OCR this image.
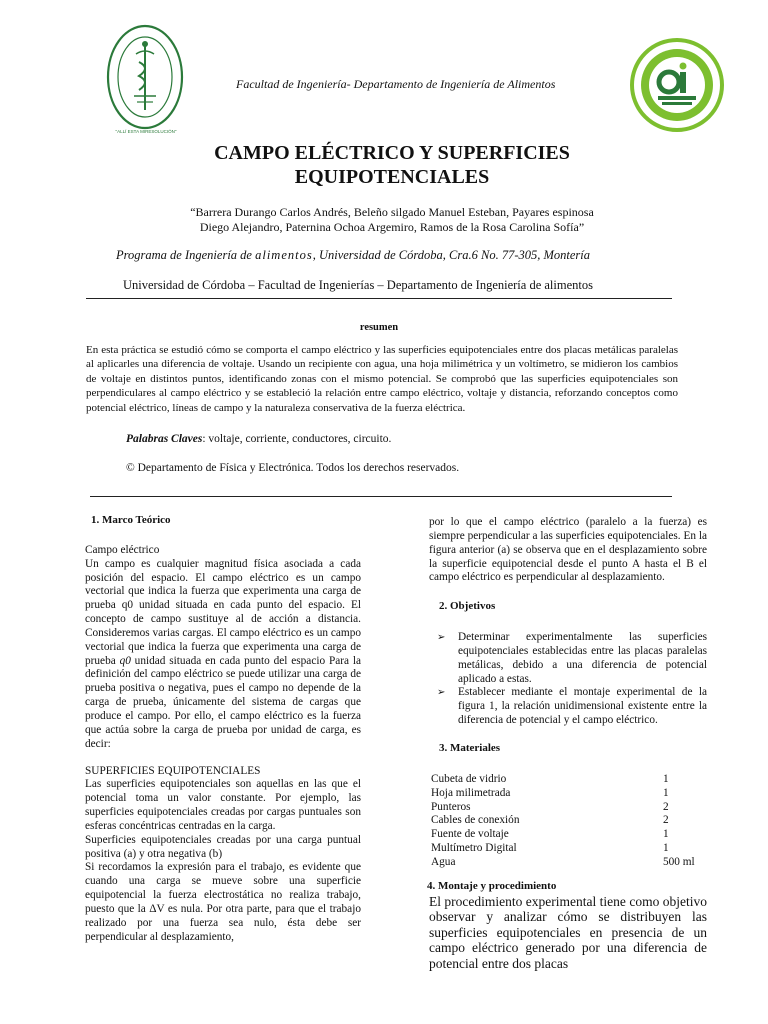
"ALLÍ ESTA MIRESOLUCIÓN"
Facultad de Ingeniería- Departamento de Ingeniería de Alimentos
CAMPO ELÉCTRICO Y SUPERFICIES
EQUIPOTENCIALES
“Barrera Durango Carlos Andrés, Beleño silgado Manuel Esteban, Payares espinosa
Diego Alejandro, Paternina Ochoa Argemiro, Ramos de la Rosa Carolina Sofía”
Programa de Ingeniería de alimentos, Universidad de Córdoba, Cra.6 No. 77-305, Montería
Universidad de Córdoba – Facultad de Ingenierías – Departamento de Ingeniería de alimentos
resumen
En esta práctica se estudió cómo se comporta el campo eléctrico y las superficies equipotenciales entre dos placas metálicas paralelas al aplicarles una diferencia de voltaje. Usando un recipiente con agua, una hoja milimétrica y un voltímetro, se midieron los cambios de voltaje en distintos puntos, identificando zonas con el mismo potencial. Se comprobó que las superficies equipotenciales son perpendiculares al campo eléctrico y se estableció la relación entre campo eléctrico, voltaje y distancia, reforzando conceptos como potencial eléctrico, líneas de campo y la naturaleza conservativa de la fuerza eléctrica.
Palabras Claves: voltaje, corriente, conductores, circuito.
© Departamento de Física y Electrónica. Todos los derechos reservados.
1. Marco Teórico

Campo eléctrico

Un campo es cualquier magnitud física asociada a cada posición del espacio. El campo eléctrico es un campo vectorial que indica la fuerza que experimenta una carga de prueba q0 unidad situada en cada punto del espacio. El concepto de campo sustituye al de acción a distancia. Consideremos varias cargas. El campo eléctrico es un campo vectorial que indica la fuerza que experimenta una carga de prueba q0 unidad situada en cada punto del espacio Para la definición del campo eléctrico se puede utilizar una carga de prueba positiva o negativa, pues el campo no depende de la carga de prueba, únicamente del sistema de cargas que produce el campo. Por ello, el campo eléctrico es la fuerza que actúa sobre la carga de prueba por unidad de carga, es decir:

SUPERFICIES EQUIPOTENCIALES

Las superficies equipotenciales son aquellas en las que el potencial toma un valor constante. Por ejemplo, las superficies equipotenciales creadas por cargas puntuales son esferas concéntricas centradas en la carga.

Superficies equipotenciales creadas por una carga puntual positiva (a) y otra negativa (b)

Si recordamos la expresión para el trabajo, es evidente que cuando una carga se mueve sobre una superficie equipotencial la fuerza electrostática no realiza trabajo, puesto que la ΔV es nula. Por otra parte, para que el trabajo realizado por una fuerza sea nulo, ésta debe ser perpendicular al desplazamiento,

por lo que el campo eléctrico (paralelo a la fuerza) es siempre perpendicular a las superficies equipotenciales. En la figura anterior (a) se observa que en el desplazamiento sobre la superficie equipotencial desde el punto A hasta el B el campo eléctrico es perpendicular al desplazamiento.

2. Objetivos
➢ Determinar experimentalmente las superficies equipotenciales establecidas entre las placas paralelas metálicas, debido a una diferencia de potencial aplicado a estas.
➢ Establecer mediante el montaje experimental de la figura 1, la relación unidimensional existente entre la diferencia de potencial y el campo eléctrico.
3. Materiales
Cubeta de vidrio	1
Hoja milimetrada	1
Punteros	2
Cables de conexión	2
Fuente de voltaje	1
Multímetro Digital	1
Agua	500 ml
4. Montaje y procedimiento

El procedimiento experimental tiene como objetivo observar y analizar cómo se distribuyen las superficies equipotenciales en presencia de un campo eléctrico generado por una diferencia de potencial entre dos placas
